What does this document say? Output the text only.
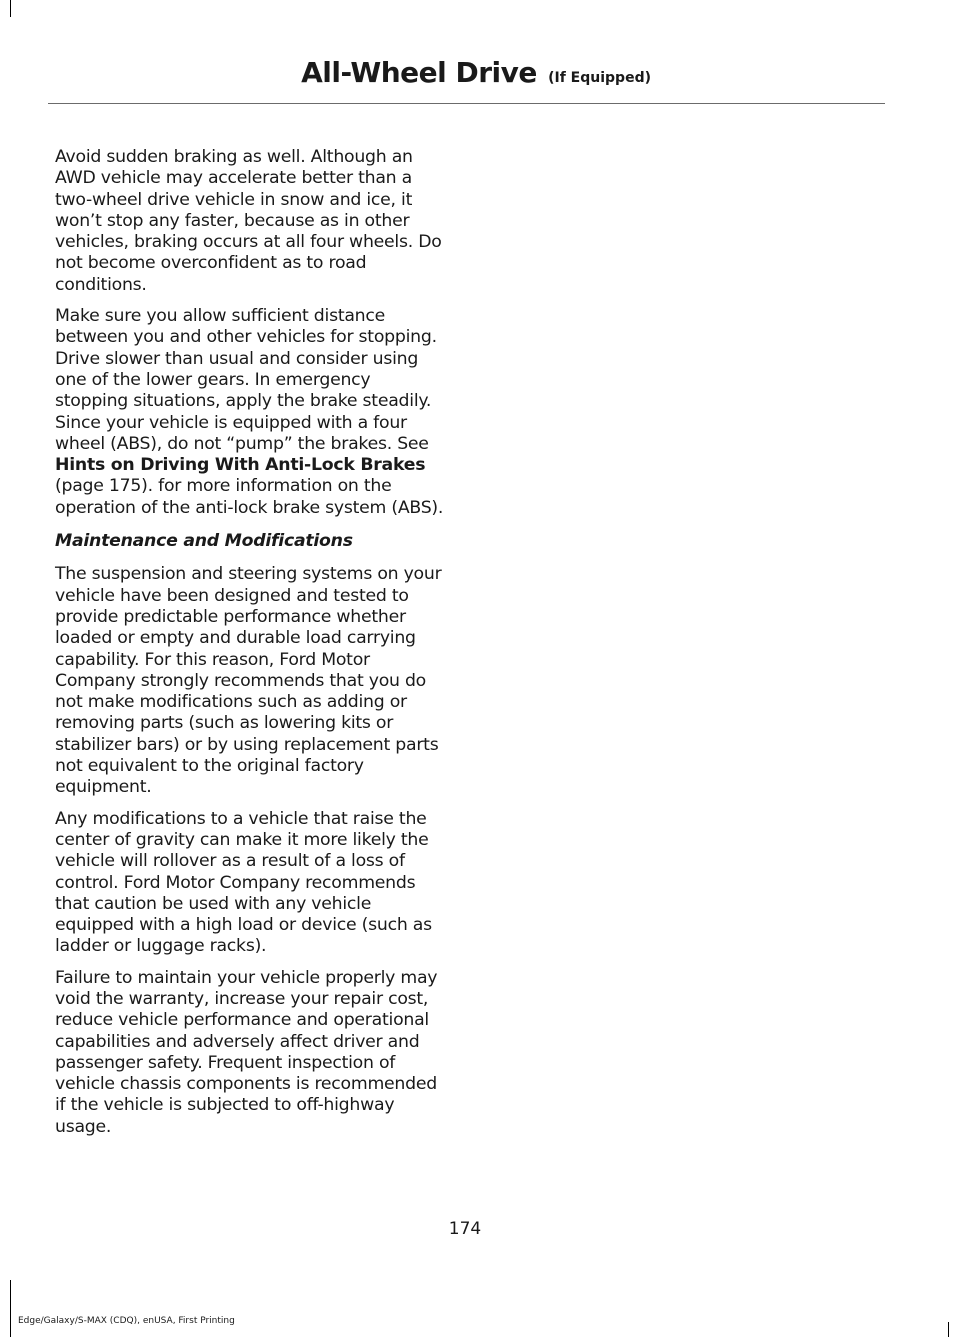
All-Wheel Drive (If Equipped)

Avoid sudden braking as well. Although an AWD vehicle may accelerate better than a two-wheel drive vehicle in snow and ice, it won’t stop any faster, because as in other vehicles, braking occurs at all four wheels. Do not become overconfident as to road conditions.

Make sure you allow sufficient distance between you and other vehicles for stopping. Drive slower than usual and consider using one of the lower gears. In emergency stopping situations, apply the brake steadily. Since your vehicle is equipped with a four wheel (ABS), do not “pump” the brakes. See Hints on Driving With Anti-Lock Brakes (page 175). for more information on the operation of the anti-lock brake system (ABS).

Maintenance and Modifications

The suspension and steering systems on your vehicle have been designed and tested to provide predictable performance whether loaded or empty and durable load carrying capability. For this reason, Ford Motor Company strongly recommends that you do not make modifications such as adding or removing parts (such as lowering kits or stabilizer bars) or by using replacement parts not equivalent to the original factory equipment.

Any modifications to a vehicle that raise the center of gravity can make it more likely the vehicle will rollover as a result of a loss of control. Ford Motor Company recommends that caution be used with any vehicle equipped with a high load or device (such as ladder or luggage racks).

Failure to maintain your vehicle properly may void the warranty, increase your repair cost, reduce vehicle performance and operational capabilities and adversely affect driver and passenger safety. Frequent inspection of vehicle chassis components is recommended if the vehicle is subjected to off-highway usage.

174
Edge/Galaxy/S-MAX (CDQ), enUSA, First Printing
